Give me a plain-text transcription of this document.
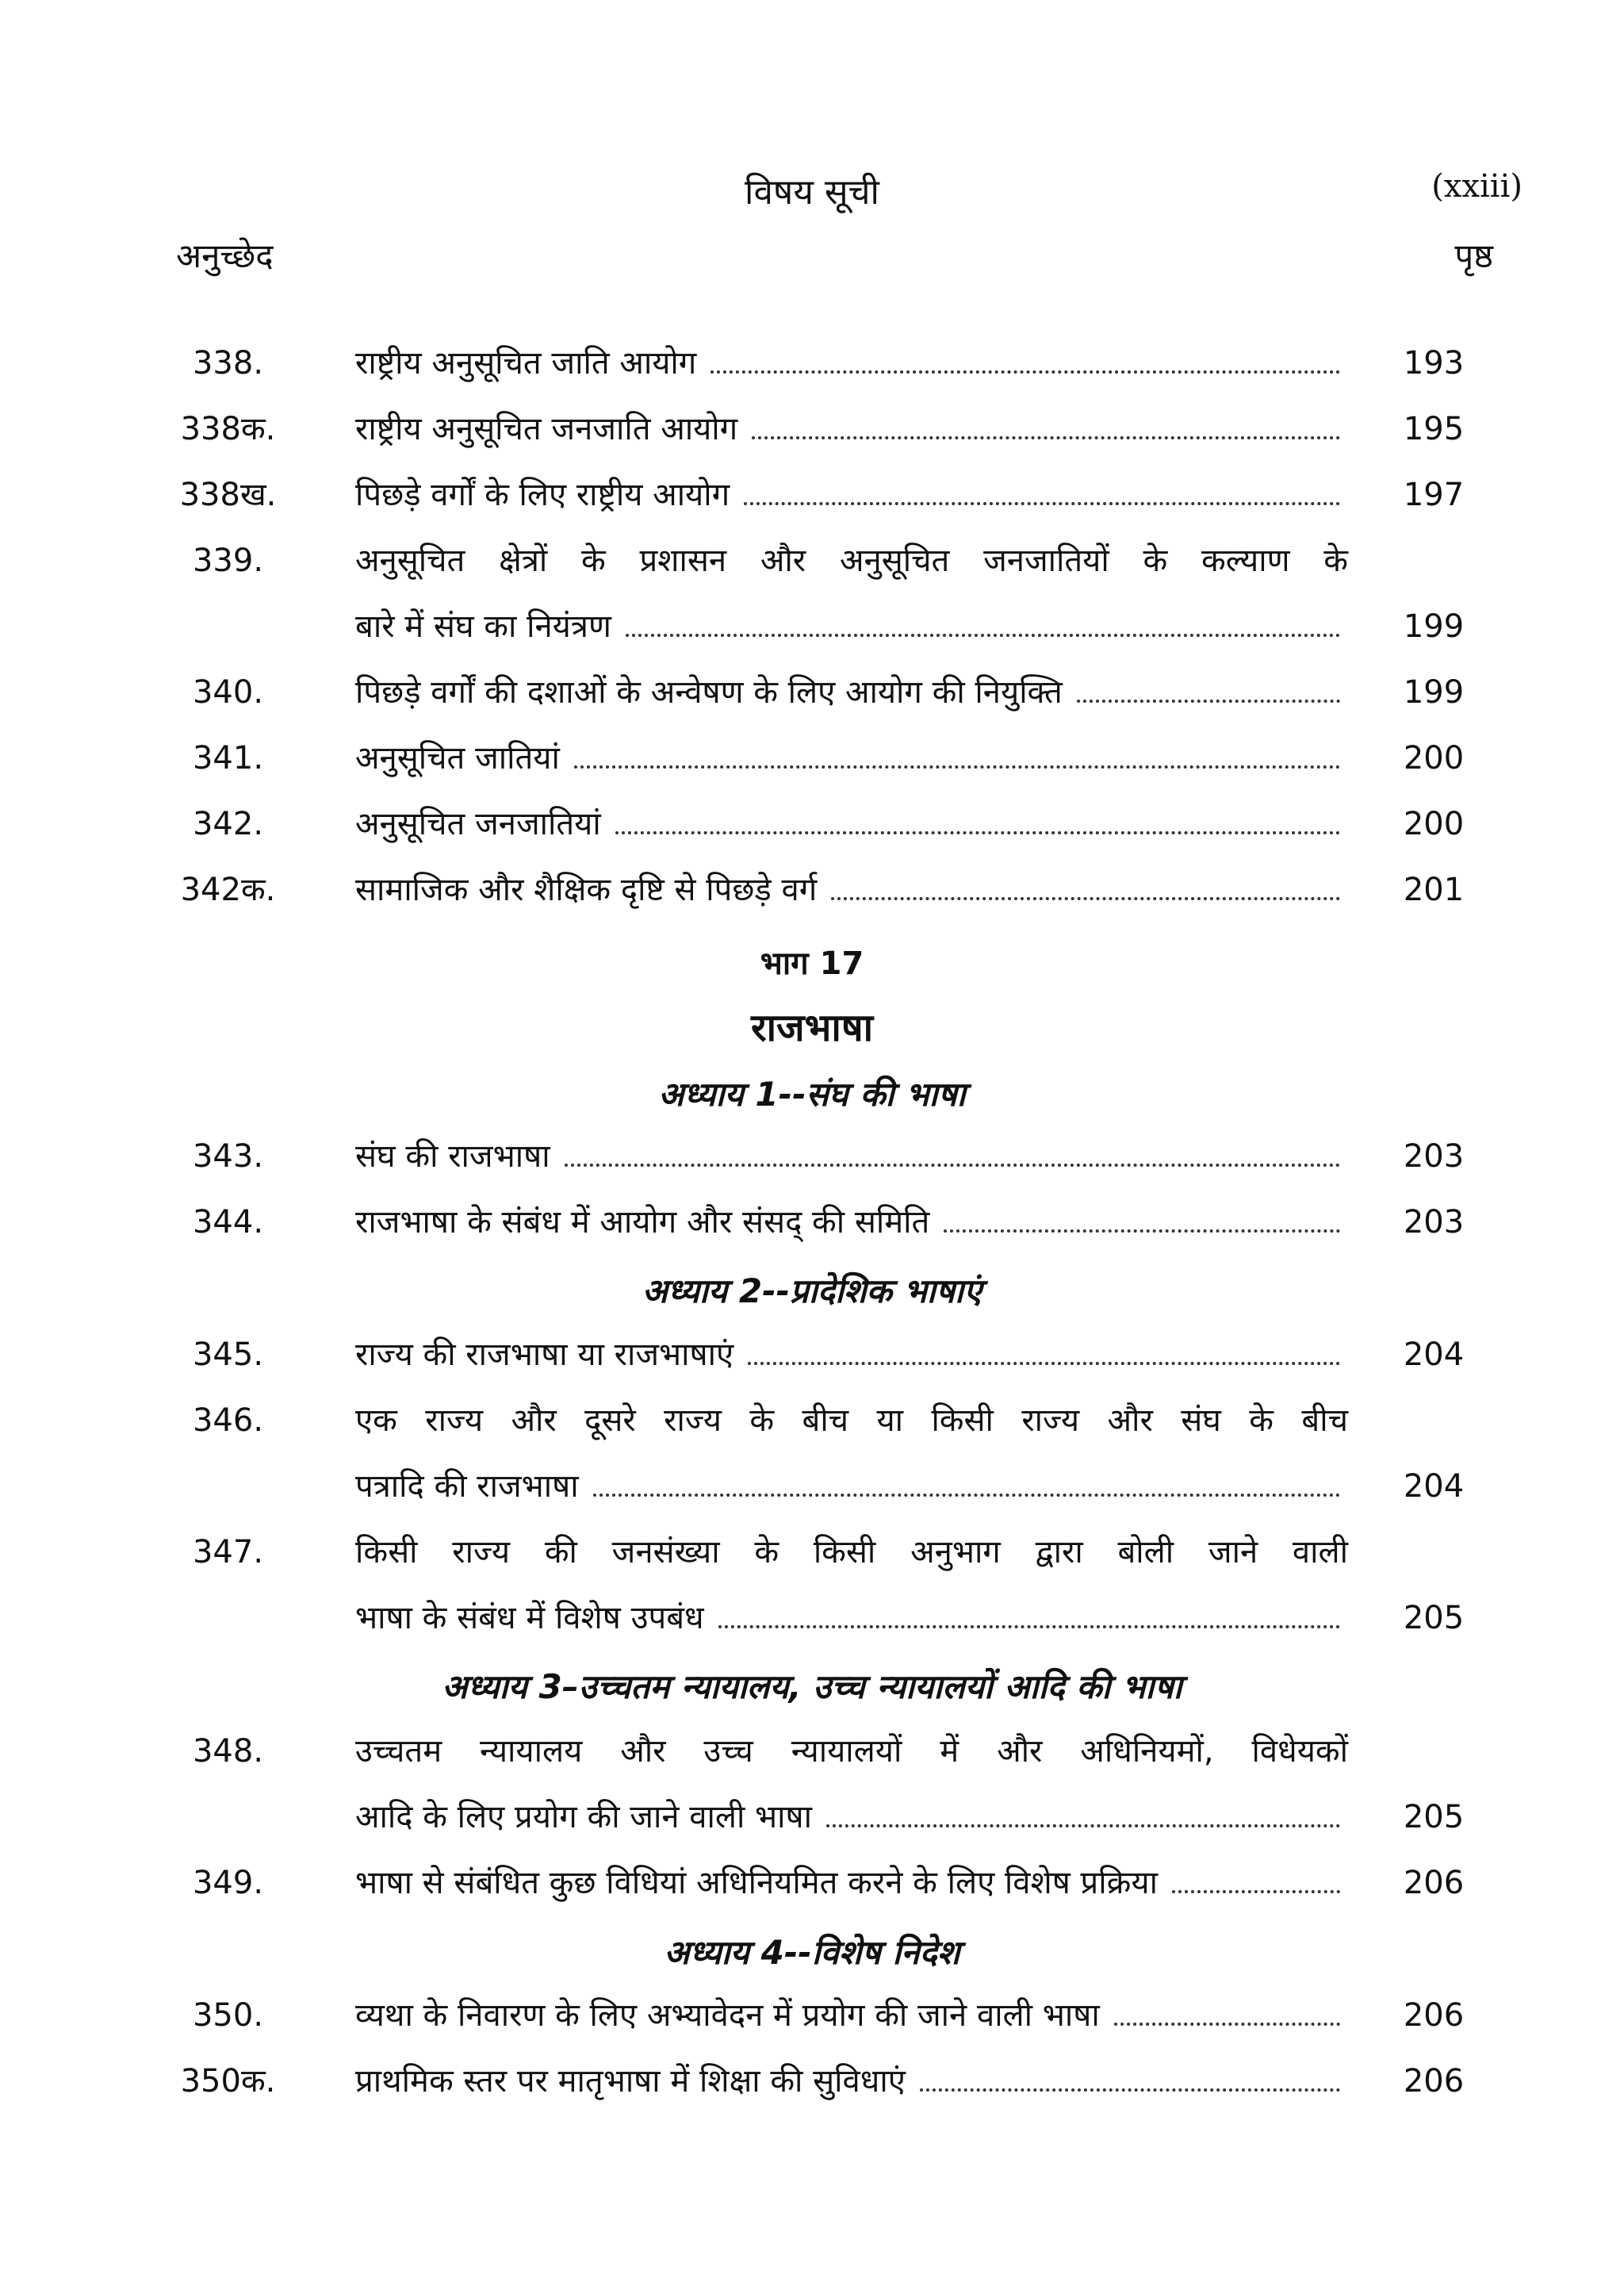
विषय सूची	(xxiii)
अनुच्छेद	पृष्ठ
338.	राष्ट्रीय अनुसूचित जाति आयोग	193
338क.	राष्ट्रीय अनुसूचित जनजाति आयोग	195
338ख.	पिछड़े वर्गों के लिए राष्ट्रीय आयोग	197
339.	अनुसूचित क्षेत्रों के प्रशासन और अनुसूचित जनजातियों के कल्याण के
बारे में संघ का नियंत्रण	199
340.	पिछड़े वर्गों की दशाओं के अन्वेषण के लिए आयोग की नियुक्ति	199
341.	अनुसूचित जातियां	200
342.	अनुसूचित जनजातियां	200
342क.	सामाजिक और शैक्षिक दृष्टि से पिछड़े वर्ग	201
भाग 17
राजभाषा
अध्याय 1--संघ की भाषा
343.	संघ की राजभाषा	203
344.	राजभाषा के संबंध में आयोग और संसद् की समिति	203
अध्याय 2--प्रादेशिक भाषाएं
345.	राज्य की राजभाषा या राजभाषाएं	204
346.	एक राज्य और दूसरे राज्य के बीच या किसी राज्य और संघ के बीच
पत्रादि की राजभाषा	204
347.	किसी राज्य की जनसंख्या के किसी अनुभाग द्वारा बोली जाने वाली
भाषा के संबंध में विशेष उपबंध	205
अध्याय 3–उच्चतम न्यायालय, उच्च न्यायालयों आदि की भाषा
348.	उच्चतम न्यायालय और उच्च न्यायालयों में और अधिनियमों, विधेयकों
आदि के लिए प्रयोग की जाने वाली भाषा	205
349.	भाषा से संबंधित कुछ विधियां अधिनियमित करने के लिए विशेष प्रक्रिया	206
अध्याय 4--विशेष निदेश
350.	व्यथा के निवारण के लिए अभ्यावेदन में प्रयोग की जाने वाली भाषा	206
350क.	प्राथमिक स्तर पर मातृभाषा में शिक्षा की सुविधाएं	206
